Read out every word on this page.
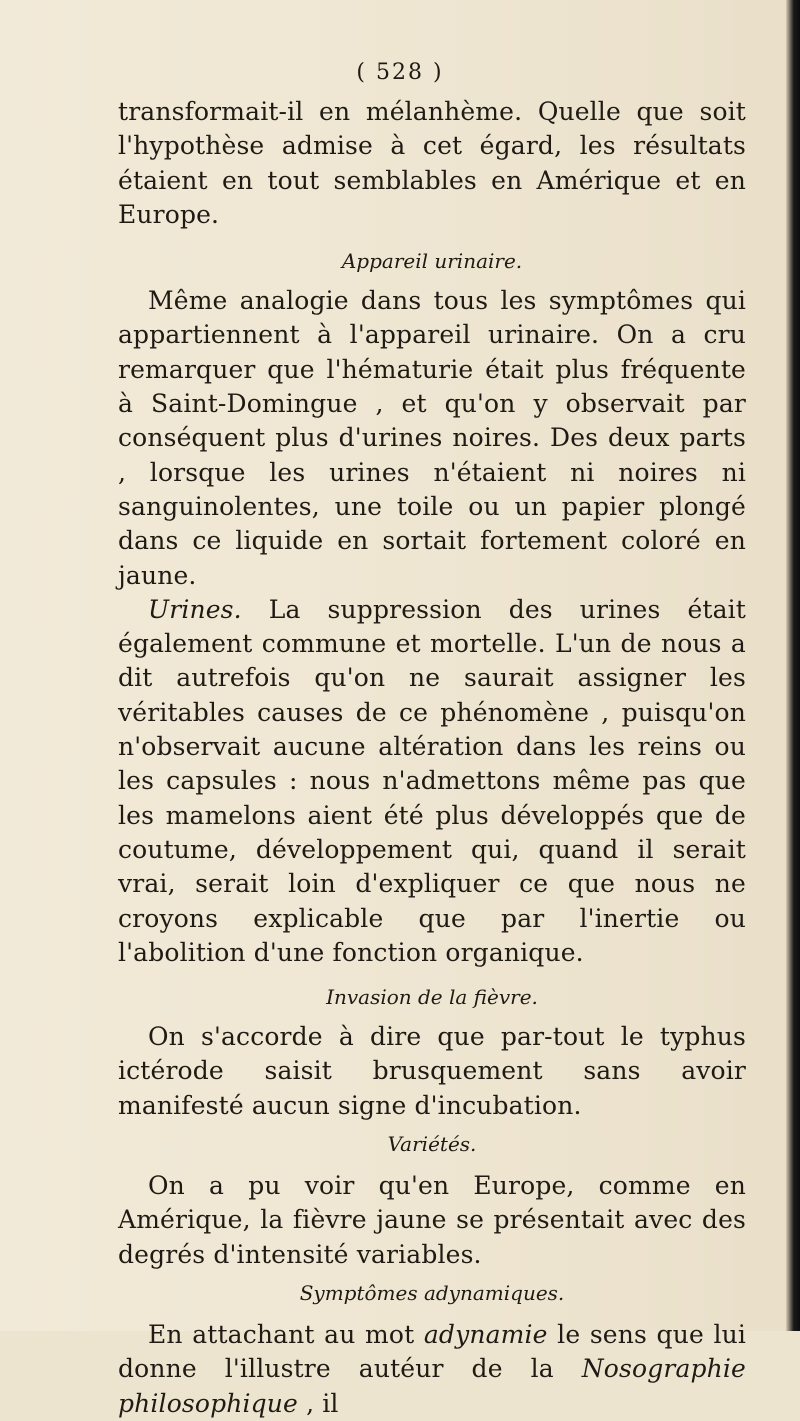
( 528 )

transformait-il en mélanhème. Quelle que soit l'hypothèse admise à cet égard, les résultats étaient en tout semblables en Amérique et en Europe.

Appareil urinaire.

Même analogie dans tous les symptômes qui appartiennent à l'appareil urinaire. On a cru remarquer que l'hématurie était plus fréquente à Saint-Domingue , et qu'on y observait par conséquent plus d'urines noires. Des deux parts , lorsque les urines n'étaient ni noires ni sanguinolentes, une toile ou un papier plongé dans ce liquide en sortait fortement coloré en jaune.

Urines. La suppression des urines était également commune et mortelle. L'un de nous a dit autrefois qu'on ne saurait assigner les véritables causes de ce phénomène , puisqu'on n'observait aucune altération dans les reins ou les capsules : nous n'admettons même pas que les mamelons aient été plus développés que de coutume, développement qui, quand il serait vrai, serait loin d'expliquer ce que nous ne croyons explicable que par l'inertie ou l'abolition d'une fonction organique.

Invasion de la fièvre.

On s'accorde à dire que par-tout le typhus ictérode saisit brusquement sans avoir manifesté aucun signe d'incubation.

Variétés.

On a pu voir qu'en Europe, comme en Amérique, la fièvre jaune se présentait avec des degrés d'intensité variables.

Symptômes adynamiques.

En attachant au mot adynamie le sens que lui donne l'illustre autéur de la Nosographie philosophique , il
